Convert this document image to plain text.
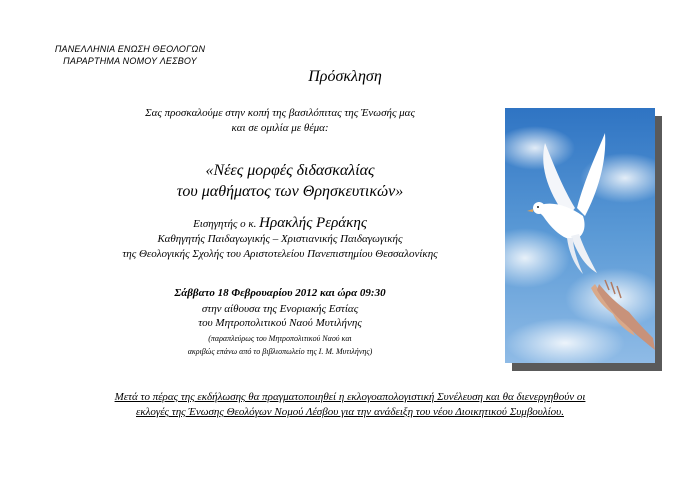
ΠΑΝΕΛΛΗΝΙΑ ΕΝΩΣΗ ΘΕΟΛΟΓΩΝ
ΠΑΡΑΡΤΗΜΑ ΝΟΜΟΥ ΛΕΣΒΟΥ
Πρόσκληση
Σας προσκαλούμε στην κοπή της βασιλόπιτας της Ένωσής μας
και σε ομιλία με θέμα:
«Νέες μορφές διδασκαλίας
του μαθήματος των Θρησκευτικών»
Εισηγητής ο κ. Ηρακλής Ρεράκης
Καθηγητής Παιδαγωγικής – Χριστιανικής Παιδαγωγικής
της Θεολογικής Σχολής του Αριστοτελείου Πανεπιστημίου Θεσσαλονίκης
Σάββατο 18 Φεβρουαρίου 2012 και ώρα 09:30
στην αίθουσα της Ενοριακής Εστίας
του Μητροπολιτικού Ναού Μυτιλήνης
(παραπλεύρως του Μητροπολιτικού Ναού και
ακριβώς επάνω από το βιβλιοπωλείο της Ι. Μ. Μυτιλήνης)
Μετά το πέρας της εκδήλωσης θα πραγματοποιηθεί η εκλογοαπολογιστική Συνέλευση και θα διενεργηθούν οι
εκλογές της Ένωσης Θεολόγων Νομού Λέσβου για την ανάδειξη του νέου Διοικητικού Συμβουλίου.
